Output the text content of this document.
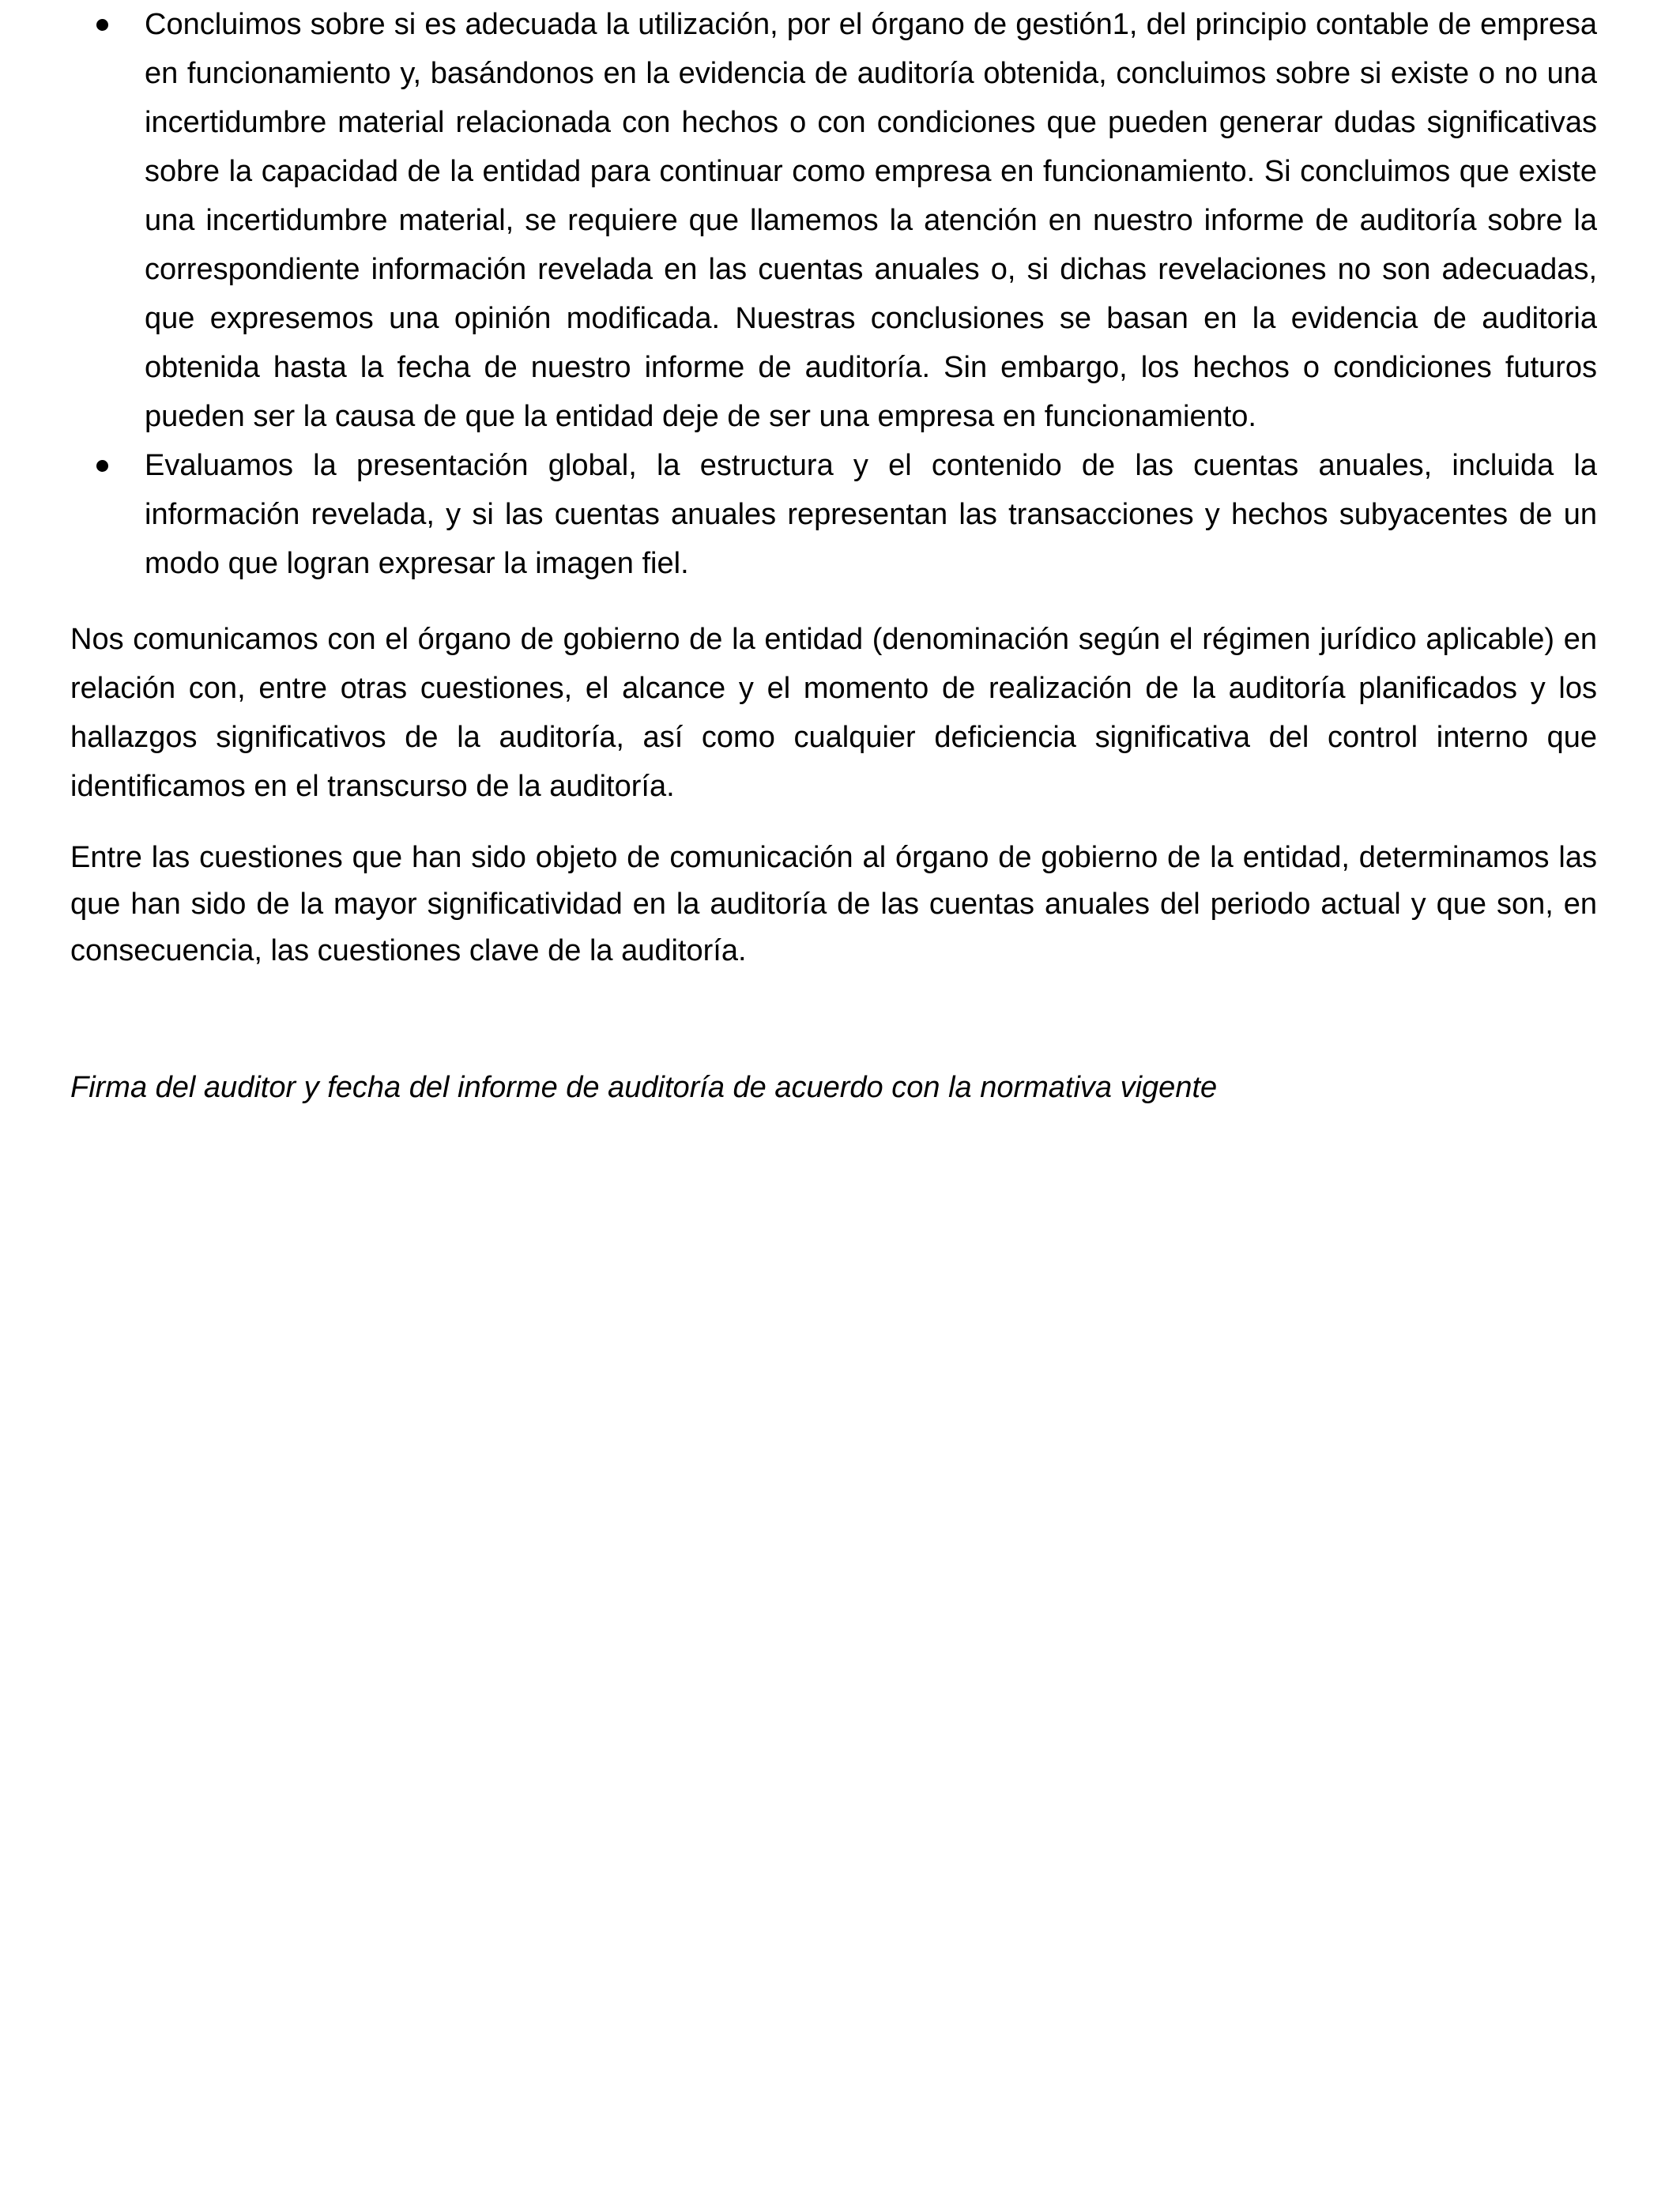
Concluimos sobre si es adecuada la utilización, por el órgano de gestión1, del principio contable de empresa en funcionamiento y, basándonos en la evidencia de auditoría obtenida, concluimos sobre si existe o no una incertidumbre material relacionada con hechos o con condiciones que pueden generar dudas significativas sobre la capacidad de la entidad para continuar como empresa en funcionamiento. Si concluimos que existe una incertidumbre material, se requiere que llamemos la atención en nuestro informe de auditoría sobre la correspondiente información revelada en las cuentas anuales o, si dichas revelaciones no son adecuadas, que expresemos una opinión modificada. Nuestras conclusiones se basan en la evidencia de auditoria obtenida hasta la fecha de nuestro informe de auditoría. Sin embargo, los hechos o condiciones futuros pueden ser la causa de que la entidad deje de ser una empresa en funcionamiento.
Evaluamos la presentación global, la estructura y el contenido de las cuentas anuales, incluida la información revelada, y si las cuentas anuales representan las transacciones y hechos subyacentes de un modo que logran expresar la imagen fiel.

Nos comunicamos con el órgano de gobierno de la entidad (denominación según el régimen jurídico aplicable) en relación con, entre otras cuestiones, el alcance y el momento de realización de la auditoría planificados y los hallazgos significativos de la auditoría, así como cualquier deficiencia significativa del control interno que identificamos en el transcurso de la auditoría.

Entre las cuestiones que han sido objeto de comunicación al órgano de gobierno de la entidad, determinamos las que han sido de la mayor significatividad en la auditoría de las cuentas anuales del periodo actual y que son, en consecuencia, las cuestiones clave de la auditoría.

Firma del auditor y fecha del informe de auditoría de acuerdo con la normativa vigente
